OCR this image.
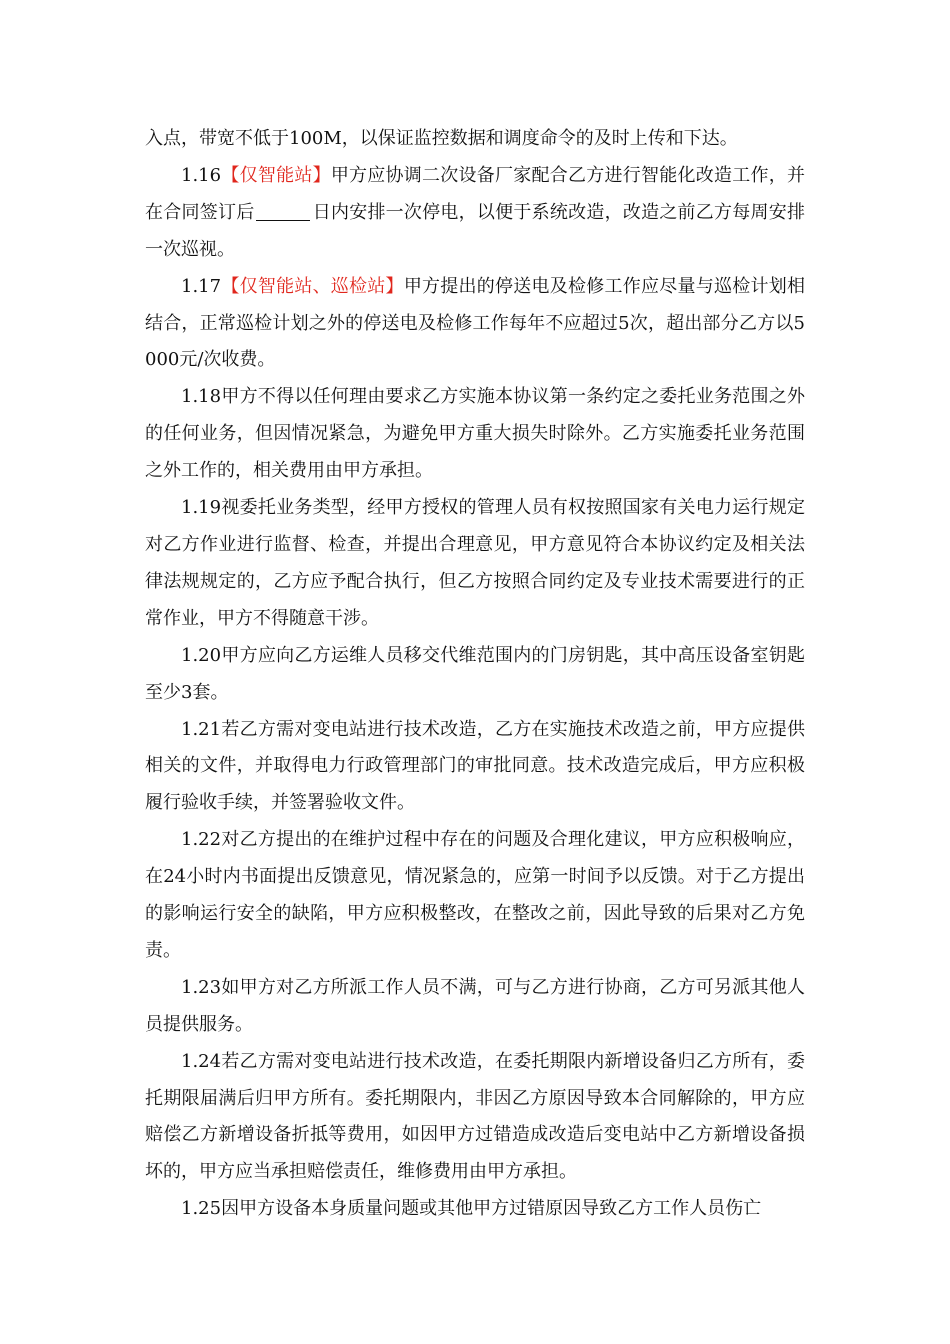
入点，带宽不低于100M，以保证监控数据和调度命令的及时上传和下达。

1.16【仅智能站】甲方应协调二次设备厂家配合乙方进行智能化改造工作，并在合同签订后	日内安排一次停电，以便于系统改造，改造之前乙方每周安排一次巡视。

1.17【仅智能站、巡检站】甲方提出的停送电及检修工作应尽量与巡检计划相结合，正常巡检计划之外的停送电及检修工作每年不应超过5次，超出部分乙方以5000元/次收费。

1.18甲方不得以任何理由要求乙方实施本协议第一条约定之委托业务范围之外的任何业务，但因情况紧急，为避免甲方重大损失时除外。乙方实施委托业务范围之外工作的，相关费用由甲方承担。

1.19视委托业务类型，经甲方授权的管理人员有权按照国家有关电力运行规定对乙方作业进行监督、检查，并提出合理意见，甲方意见符合本协议约定及相关法律法规规定的，乙方应予配合执行，但乙方按照合同约定及专业技术需要进行的正常作业，甲方不得随意干涉。

1.20甲方应向乙方运维人员移交代维范围内的门房钥匙，其中高压设备室钥匙至少3套。

1.21若乙方需对变电站进行技术改造，乙方在实施技术改造之前，甲方应提供相关的文件，并取得电力行政管理部门的审批同意。技术改造完成后，甲方应积极履行验收手续，并签署验收文件。

1.22对乙方提出的在维护过程中存在的问题及合理化建议，甲方应积极响应，在24小时内书面提出反馈意见，情况紧急的，应第一时间予以反馈。对于乙方提出的影响运行安全的缺陷，甲方应积极整改，在整改之前，因此导致的后果对乙方免责。

1.23如甲方对乙方所派工作人员不满，可与乙方进行协商，乙方可另派其他人员提供服务。

1.24若乙方需对变电站进行技术改造，在委托期限内新增设备归乙方所有，委托期限届满后归甲方所有。委托期限内，非因乙方原因导致本合同解除的，甲方应赔偿乙方新增设备折抵等费用，如因甲方过错造成改造后变电站中乙方新增设备损坏的，甲方应当承担赔偿责任，维修费用由甲方承担。

1.25因甲方设备本身质量问题或其他甲方过错原因导致乙方工作人员伤亡
